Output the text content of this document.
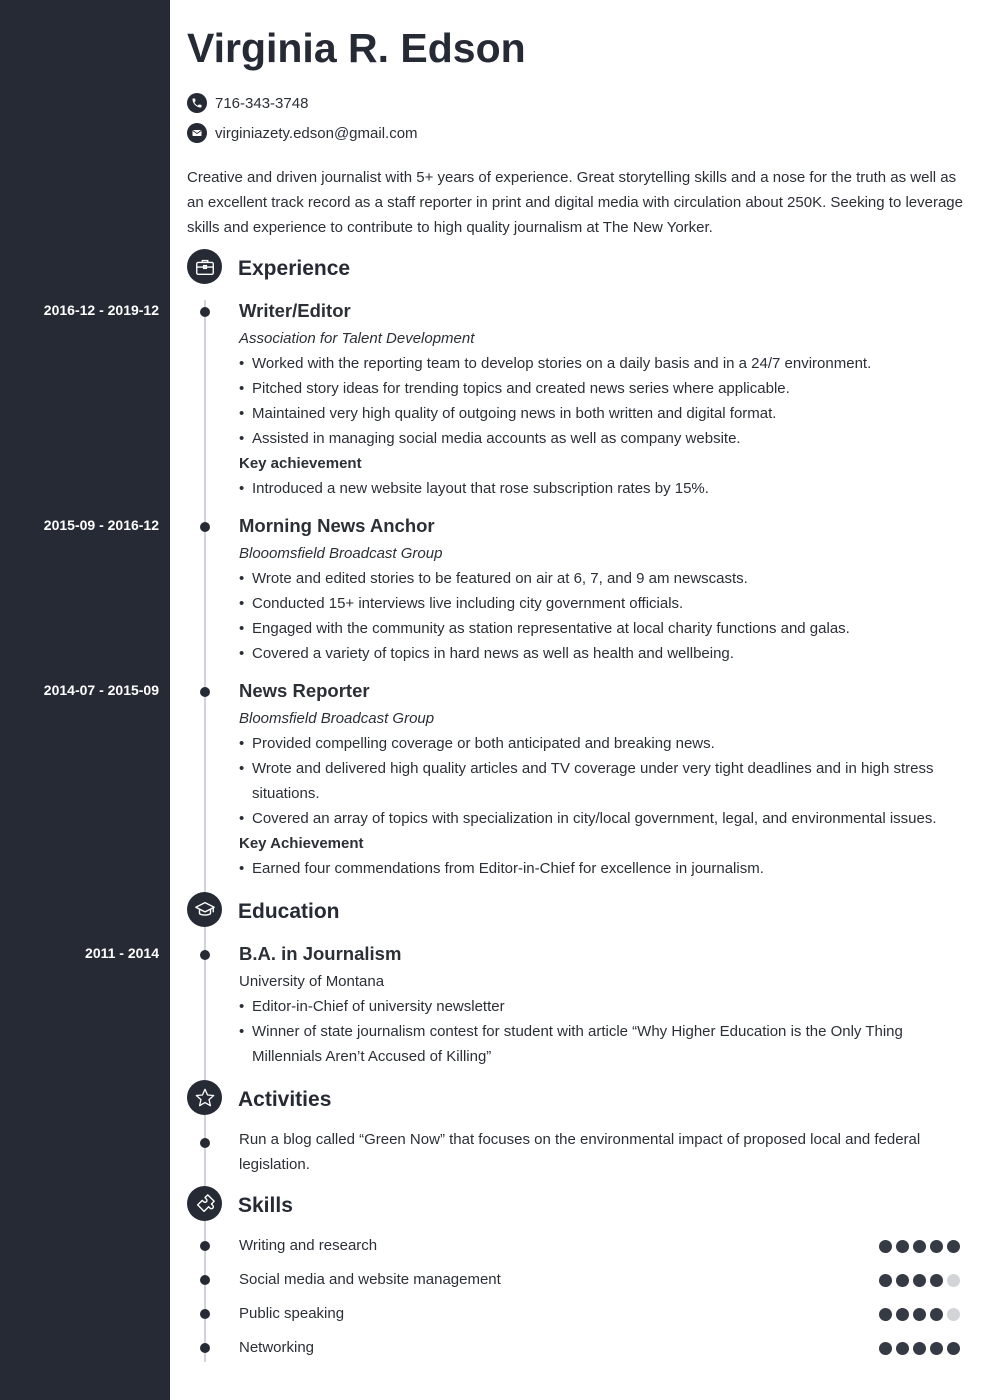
Virginia R. Edson
716-343-3748
virginiazety.edson@gmail.com

Creative and driven journalist with 5+ years of experience. Great storytelling skills and a nose for the truth as well as an excellent track record as a staff reporter in print and digital media with circulation about 250K. Seeking to leverage skills and experience to contribute to high quality journalism at The New Yorker.

Experience
2016-12 - 2019-12	Writer/Editor
Association for Talent Development
• Worked with the reporting team to develop stories on a daily basis and in a 24/7 environment.
• Pitched story ideas for trending topics and created news series where applicable.
• Maintained very high quality of outgoing news in both written and digital format.
• Assisted in managing social media accounts as well as company website.
Key achievement
• Introduced a new website layout that rose subscription rates by 15%.
2015-09 - 2016-12	Morning News Anchor
Blooomsfield Broadcast Group
• Wrote and edited stories to be featured on air at 6, 7, and 9 am newscasts.
• Conducted 15+ interviews live including city government officials.
• Engaged with the community as station representative at local charity functions and galas.
• Covered a variety of topics in hard news as well as health and wellbeing.
2014-07 - 2015-09	News Reporter
Bloomsfield Broadcast Group
• Provided compelling coverage or both anticipated and breaking news.
• Wrote and delivered high quality articles and TV coverage under very tight deadlines and in high stress situations.
• Covered an array of topics with specialization in city/local government, legal, and environmental issues.
Key Achievement
• Earned four commendations from Editor-in-Chief for excellence in journalism.
Education
2011 - 2014	B.A. in Journalism
University of Montana
• Editor-in-Chief of university newsletter
• Winner of state journalism contest for student with article “Why Higher Education is the Only Thing Millennials Aren’t Accused of Killing”
Activities
Run a blog called “Green Now” that focuses on the environmental impact of proposed local and federal legislation.
Skills
Writing and research
Social media and website management
Public speaking
Networking
